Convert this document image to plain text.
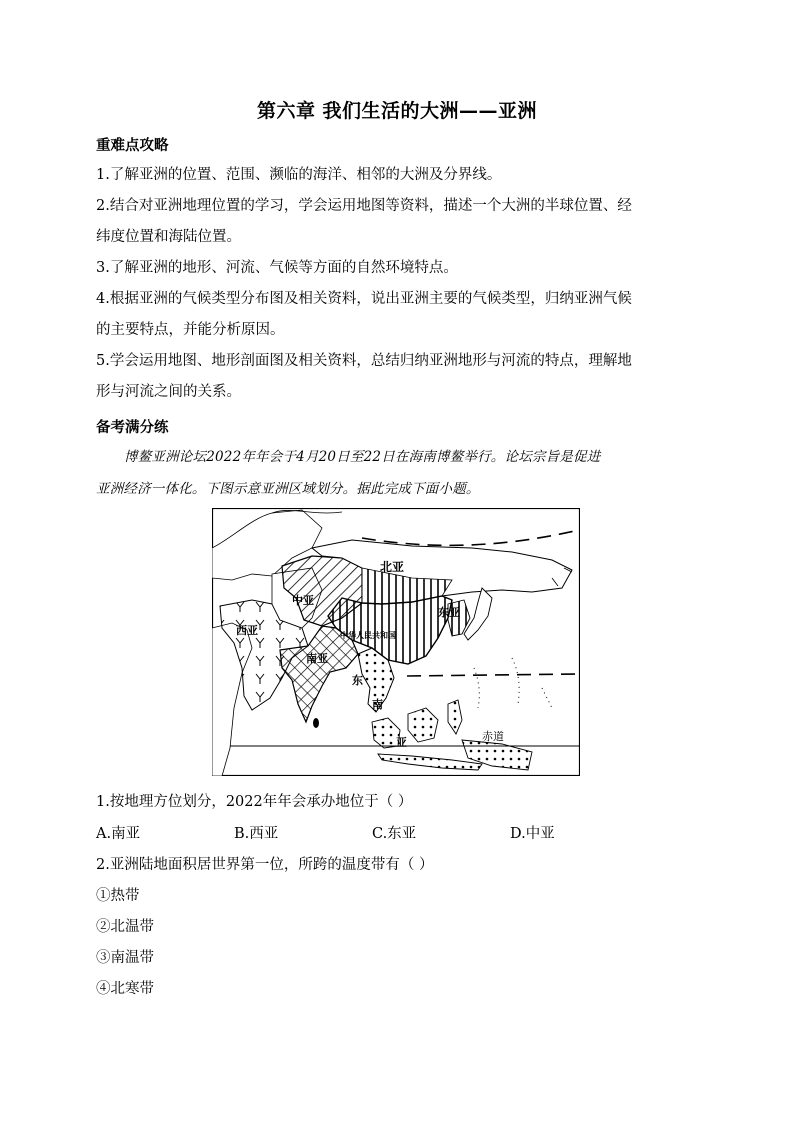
第六章 我们生活的大洲——亚洲
重难点攻略
1.了解亚洲的位置、范围、濒临的海洋、相邻的大洲及分界线。
2.结合对亚洲地理位置的学习，学会运用地图等资料，描述一个大洲的半球位置、经
纬度位置和海陆位置。
3.了解亚洲的地形、河流、气候等方面的自然环境特点。
4.根据亚洲的气候类型分布图及相关资料，说出亚洲主要的气候类型，归纳亚洲气候
的主要特点，并能分析原因。
5.学会运用地图、地形剖面图及相关资料，总结归纳亚洲地形与河流的特点，理解地
形与河流之间的关系。
备考满分练
博鳌亚洲论坛2022年年会于4月20日至22日在海南博鳌举行。论坛宗旨是促进
亚洲经济一体化。下图示意亚洲区域划分。据此完成下面小题。
北亚
中亚
东亚
西亚	中华人民共和国
南亚
东
南
亚	赤道
1.按地理方位划分，2022年年会承办地位于（ ）
A.南亚	B.西亚	C.东亚	D.中亚
2.亚洲陆地面积居世界第一位，所跨的温度带有（ ）
①热带
②北温带
③南温带
④北寒带
